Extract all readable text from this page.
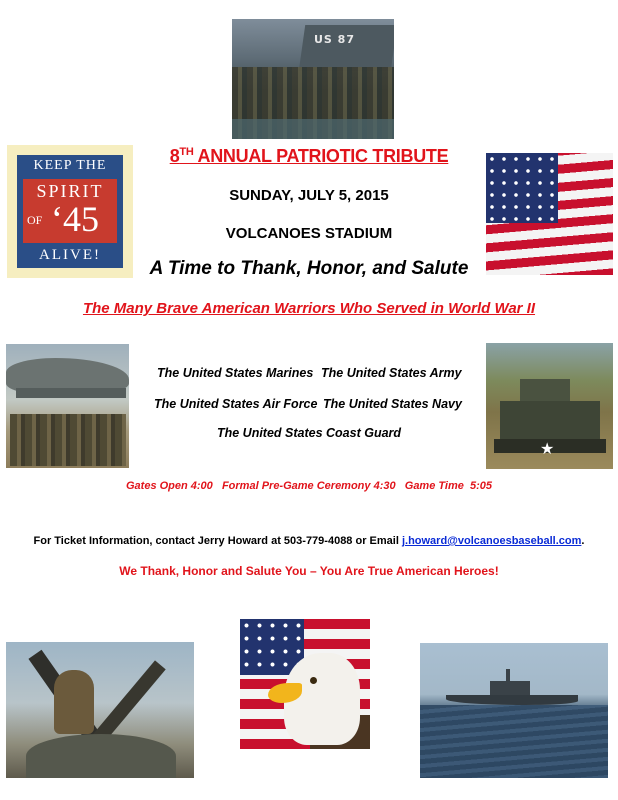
US 87
KEEP THE
SPIRIT
OF ‘45
ALIVE!
8TH ANNUAL PATRIOTIC TRIBUTE
SUNDAY, JULY 5, 2015
VOLCANOES STADIUM
A Time to Thank, Honor, and Salute
The Many Brave American Warriors Who Served in World War II
★
The United States Marines The United States Army
The United States Air Force The United States Navy
The United States Coast Guard
Gates Open 4:00   Formal Pre-Game Ceremony 4:30   Game Time  5:05
For Ticket Information, contact Jerry Howard at 503-779-4088 or Email j.howard@volcanoesbaseball.com.
We Thank, Honor and Salute You – You Are True American Heroes!
